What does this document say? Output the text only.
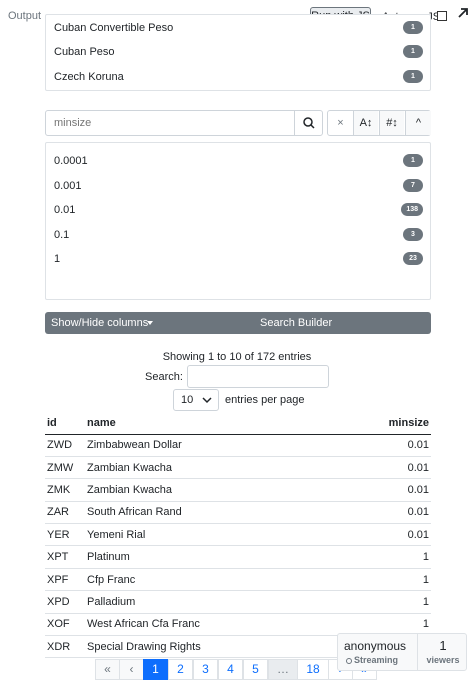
Output	JS
Cuban Convertible Peso	1
Cuban Peso	1
Czech Koruna	1
minsize
×	A↕	#↕	^
0.0001	1
0.001	7
0.01	138
0.1	3
1	23
Show/Hide columns	Search Builder
Showing 1 to 10 of 172 entries
Search:
10	entries per page
id	name	minsize
ZWD	Zimbabwean Dollar	0.01
ZMW	Zambian Kwacha	0.01
ZMK	Zambian Kwacha	0.01
ZAR	South African Rand	0.01
YER	Yemeni Rial	0.01
XPT	Platinum	1
XPF	Cfp Franc	1
XPD	Palladium	1
XOF	West African Cfa Franc	1
XDR	Special Drawing Rights	
«	‹	1	2	3	4	5	…	18
anonymous
Streaming
1
viewers
